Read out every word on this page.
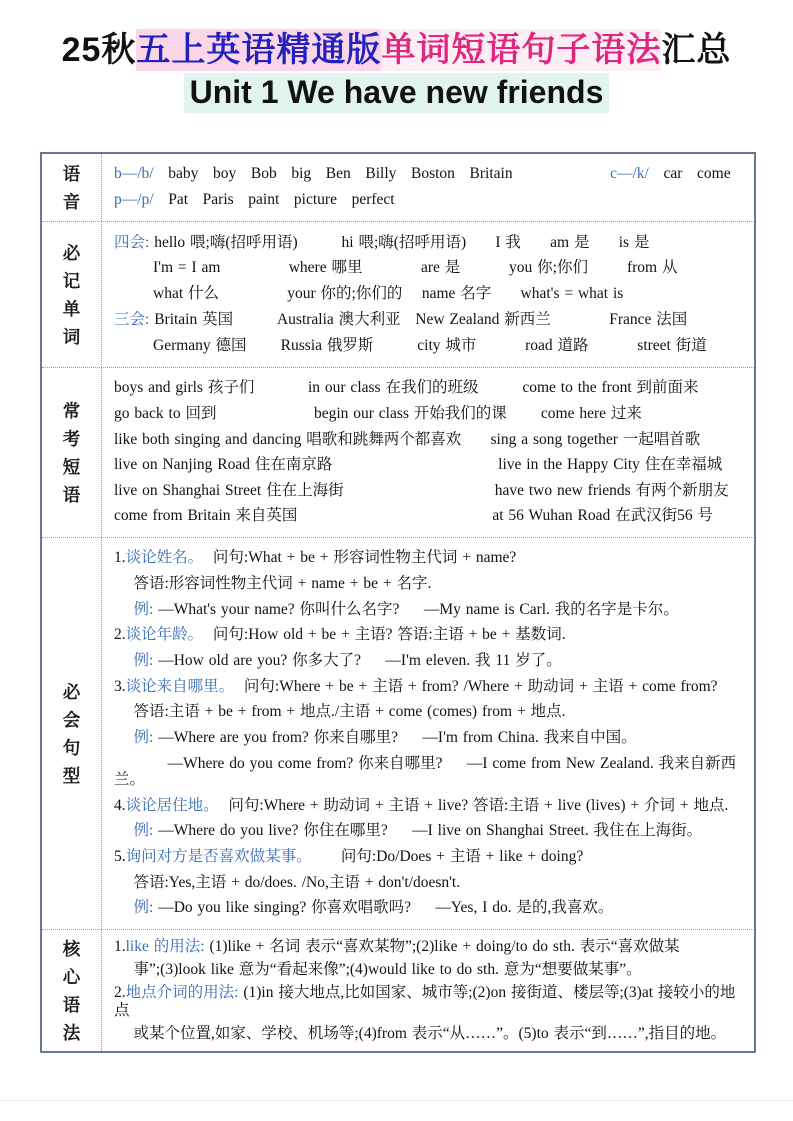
25秋五上英语精通版单词短语句子语法汇总
Unit 1 We have new friends
语
音
b—/b/   baby   boy   Bob   big   Ben   Billy   Boston   Britain                    c—/k/   car   come
p—/p/   Pat   Paris   paint   picture   perfect
必
记
单
词
四会: hello 喂;嗨(招呼用语)         hi 喂;嗨(招呼用语)      I 我      am 是      is 是
I'm = I am              where 哪里            are 是          you 你;你们        from 从
what 什么              your 你的;你们的    name 名字      what's = what is
三会: Britain 英国         Australia 澳大利亚   New Zealand 新西兰            France 法国
Germany 德国       Russia 俄罗斯         city 城市          road 道路          street 街道
常
考
短
语
boys and girls 孩子们           in our class 在我们的班级         come to the front 到前面来
go back to 回到                    begin our class 开始我们的课       come here 过来
like both singing and dancing 唱歌和跳舞两个都喜欢      sing a song together 一起唱首歌
live on Nanjing Road 住在南京路                                  live in the Happy City 住在幸福城
live on Shanghai Street 住在上海街                               have two new friends 有两个新朋友
come from Britain 来自英国                                        at 56 Wuhan Road 在武汉街56 号
必
会
句
型
1.谈论姓名。  问句:What + be + 形容词性物主代词 + name?
答语:形容词性物主代词 + name + be + 名字.
例: —What's your name? 你叫什么名字?     —My name is Carl. 我的名字是卡尔。
2.谈论年龄。  问句:How old + be + 主语? 答语:主语 + be + 基数词.
例: —How old are you? 你多大了?     —I'm eleven. 我 11 岁了。
3.谈论来自哪里。  问句:Where + be + 主语 + from? /Where + 助动词 + 主语 + come from?
答语:主语 + be + from + 地点./主语 + come (comes) from + 地点.
例: —Where are you from? 你来自哪里?     —I'm from China. 我来自中国。
—Where do you come from? 你来自哪里?     —I come from New Zealand. 我来自新西兰。
4.谈论居住地。  问句:Where + 助动词 + 主语 + live? 答语:主语 + live (lives) + 介词 + 地点.
例: —Where do you live? 你住在哪里?     —I live on Shanghai Street. 我住在上海街。
5.询问对方是否喜欢做某事。      问句:Do/Does + 主语 + like + doing?
答语:Yes,主语 + do/does. /No,主语 + don't/doesn't.
例: —Do you like singing? 你喜欢唱歌吗?     —Yes, I do. 是的,我喜欢。
核
心
语
法
1.like 的用法: (1)like + 名词 表示“喜欢某物”;(2)like + doing/to do sth. 表示“喜欢做某
事”;(3)look like 意为“看起来像”;(4)would like to do sth. 意为“想要做某事”。
2.地点介词的用法: (1)in 接大地点,比如国家、城市等;(2)on 接街道、楼层等;(3)at 接较小的地点
或某个位置,如家、学校、机场等;(4)from 表示“从……”。(5)to 表示“到……”,指目的地。
